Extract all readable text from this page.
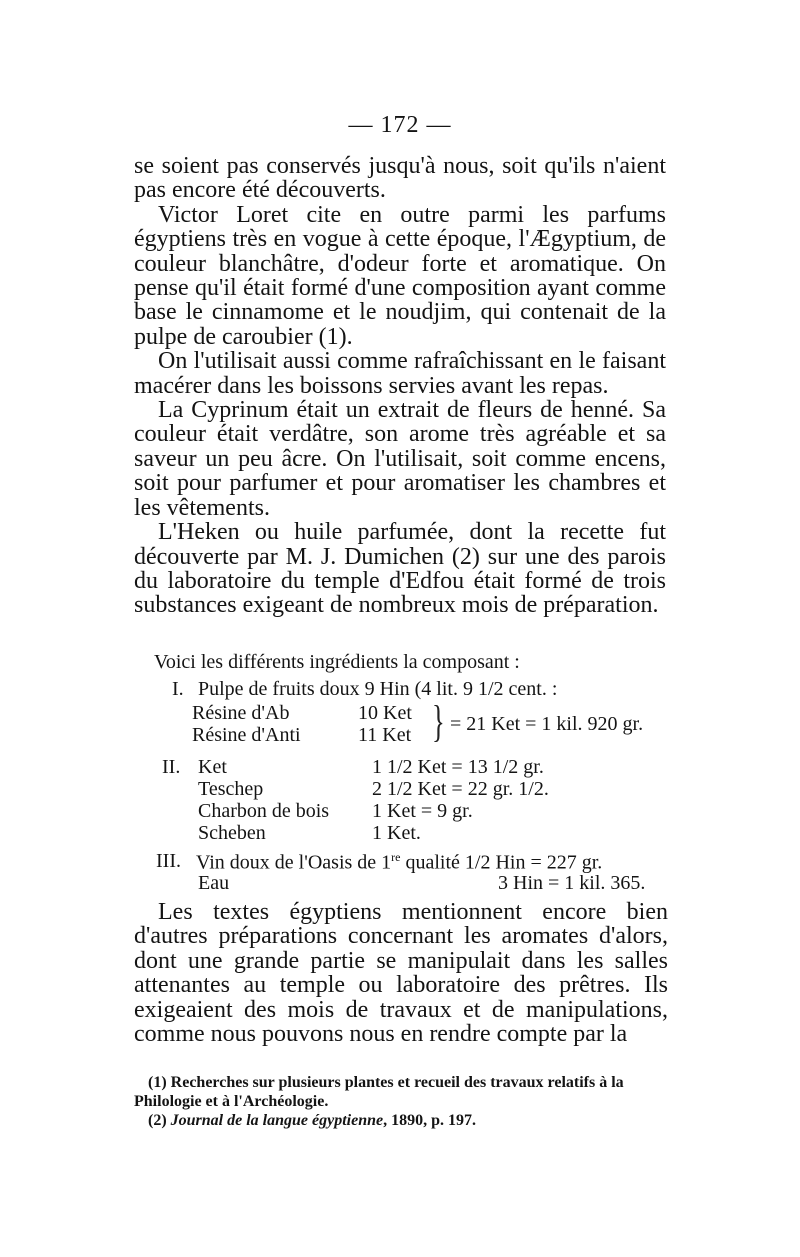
— 172 —

se soient pas conservés jusqu'à nous, soit qu'ils n'aient pas encore été découverts.

Victor Loret cite en outre parmi les parfums égyptiens très en vogue à cette époque, l'Ægyptium, de couleur blanchâtre, d'odeur forte et aromatique. On pense qu'il était formé d'une composition ayant comme base le cinnamome et le noudjim, qui contenait de la pulpe de caroubier (1).

On l'utilisait aussi comme rafraîchissant en le faisant macérer dans les boissons servies avant les repas.

La Cyprinum était un extrait de fleurs de henné. Sa couleur était verdâtre, son arome très agréable et sa saveur un peu âcre. On l'utilisait, soit comme encens, soit pour parfumer et pour aromatiser les chambres et les vêtements.

L'Heken ou huile parfumée, dont la recette fut découverte par M. J. Dumichen (2) sur une des parois du laboratoire du temple d'Edfou était formé de trois substances exigeant de nombreux mois de préparation.

Voici les différents ingrédients la composant :
I. Pulpe de fruits doux 9 Hin (4 lit. 9 1/2 cent. :
Résine d'Ab	10 Ket
Résine d'Anti	11 Ket } = 21 Ket = 1 kil. 920 gr.
II. Ket	1 1/2 Ket = 13 1/2 gr.
Teschep	2 1/2 Ket = 22 gr. 1/2.
Charbon de bois 1 Ket = 9 gr.
Scheben	1 Ket.
III. Vin doux de l'Oasis de 1re qualité 1/2 Hin = 227 gr.
Eau	3 Hin = 1 kil. 365.

Les textes égyptiens mentionnent encore bien d'autres préparations concernant les aromates d'alors, dont une grande partie se manipulait dans les salles attenantes au temple ou laboratoire des prêtres. Ils exigeaient des mois de travaux et de manipulations, comme nous pouvons nous en rendre compte par la

(1) Recherches sur plusieurs plantes et recueil des travaux relatifs à la Philologie et à l'Archéologie.

(2) Journal de la langue égyptienne, 1890, p. 197.
